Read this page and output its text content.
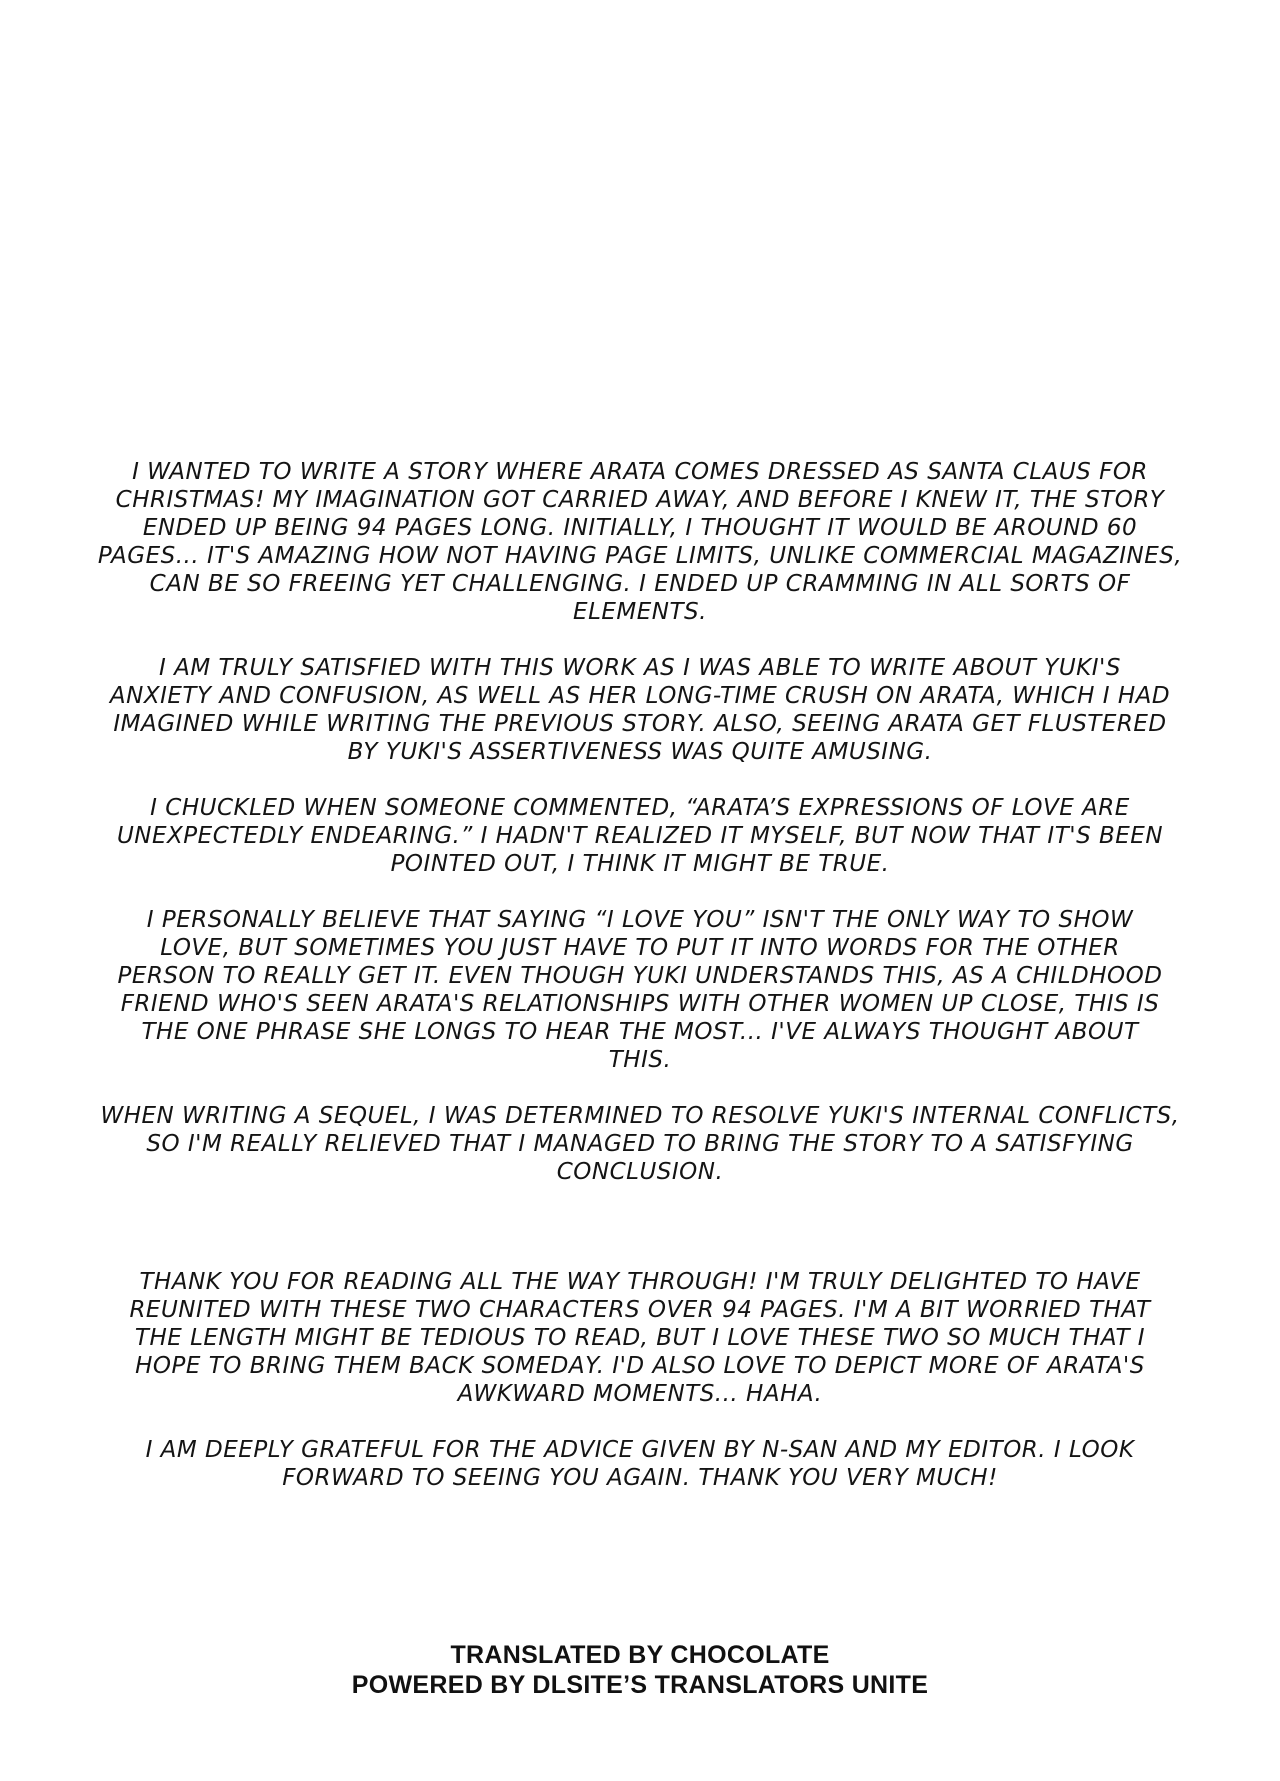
I WANTED TO WRITE A STORY WHERE ARATA COMES DRESSED AS SANTA CLAUS FOR
CHRISTMAS! MY IMAGINATION GOT CARRIED AWAY, AND BEFORE I KNEW IT, THE STORY
ENDED UP BEING 94 PAGES LONG. INITIALLY, I THOUGHT IT WOULD BE AROUND 60
PAGES... IT'S AMAZING HOW NOT HAVING PAGE LIMITS, UNLIKE COMMERCIAL MAGAZINES,
CAN BE SO FREEING YET CHALLENGING. I ENDED UP CRAMMING IN ALL SORTS OF
ELEMENTS.

I AM TRULY SATISFIED WITH THIS WORK AS I WAS ABLE TO WRITE ABOUT YUKI'S
ANXIETY AND CONFUSION, AS WELL AS HER LONG-TIME CRUSH ON ARATA, WHICH I HAD
IMAGINED WHILE WRITING THE PREVIOUS STORY. ALSO, SEEING ARATA GET FLUSTERED
BY YUKI'S ASSERTIVENESS WAS QUITE AMUSING.

I CHUCKLED WHEN SOMEONE COMMENTED, “ARATA’S EXPRESSIONS OF LOVE ARE
UNEXPECTEDLY ENDEARING.” I HADN'T REALIZED IT MYSELF, BUT NOW THAT IT'S BEEN
POINTED OUT, I THINK IT MIGHT BE TRUE.

I PERSONALLY BELIEVE THAT SAYING “I LOVE YOU” ISN'T THE ONLY WAY TO SHOW
LOVE, BUT SOMETIMES YOU JUST HAVE TO PUT IT INTO WORDS FOR THE OTHER
PERSON TO REALLY GET IT. EVEN THOUGH YUKI UNDERSTANDS THIS, AS A CHILDHOOD
FRIEND WHO'S SEEN ARATA'S RELATIONSHIPS WITH OTHER WOMEN UP CLOSE, THIS IS
THE ONE PHRASE SHE LONGS TO HEAR THE MOST... I'VE ALWAYS THOUGHT ABOUT
THIS.

WHEN WRITING A SEQUEL, I WAS DETERMINED TO RESOLVE YUKI'S INTERNAL CONFLICTS,
SO I'M REALLY RELIEVED THAT I MANAGED TO BRING THE STORY TO A SATISFYING
CONCLUSION.

THANK YOU FOR READING ALL THE WAY THROUGH! I'M TRULY DELIGHTED TO HAVE
REUNITED WITH THESE TWO CHARACTERS OVER 94 PAGES. I'M A BIT WORRIED THAT
THE LENGTH MIGHT BE TEDIOUS TO READ, BUT I LOVE THESE TWO SO MUCH THAT I
HOPE TO BRING THEM BACK SOMEDAY. I'D ALSO LOVE TO DEPICT MORE OF ARATA'S
AWKWARD MOMENTS... HAHA.

I AM DEEPLY GRATEFUL FOR THE ADVICE GIVEN BY N-SAN AND MY EDITOR. I LOOK
FORWARD TO SEEING YOU AGAIN. THANK YOU VERY MUCH!

TRANSLATED BY CHOCOLATE
POWERED BY DLSITE’S TRANSLATORS UNITE
